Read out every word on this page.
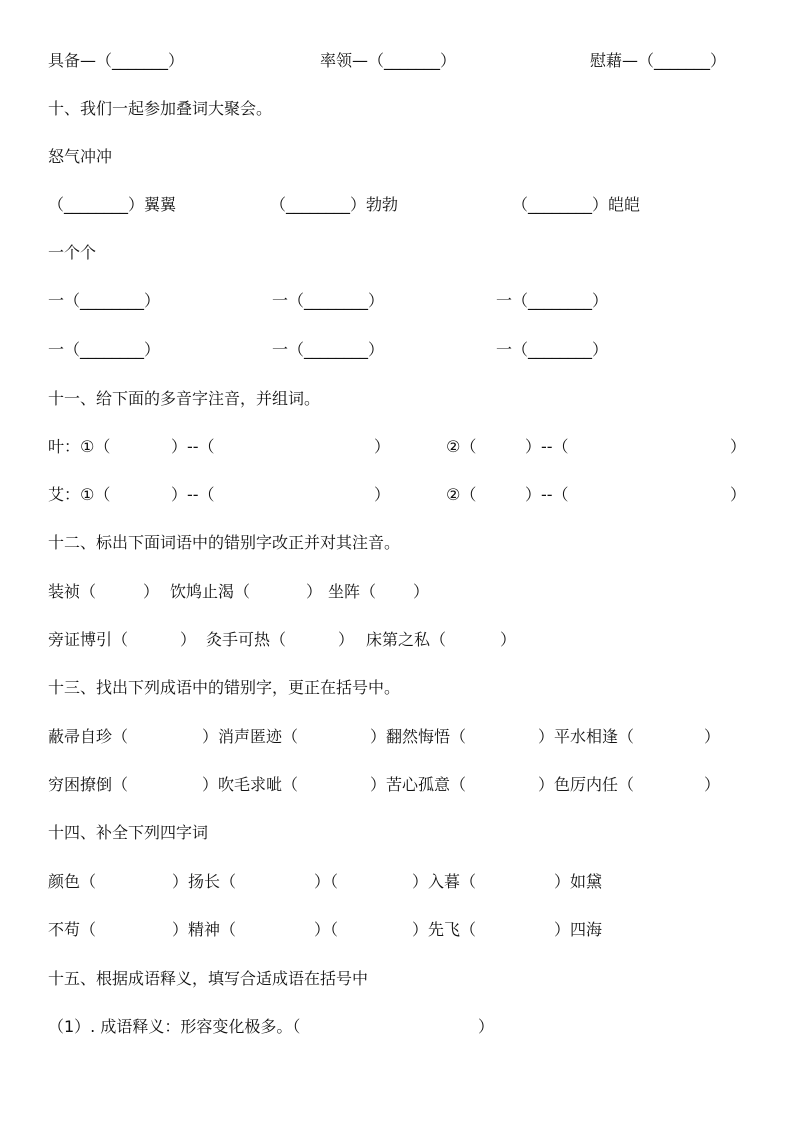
具备—（_______）	率领—（_______）	慰藉—（_______）
十、我们一起参加叠词大聚会。
怒气冲冲
（________）翼翼	（________）勃勃	（________）皑皑
一个个
一（________）	一（________）	一（________）
一（________）	一（________）	一（________）
十一、给下面的多音字注音，并组词。
叶：①（	）--（	）	②（	）--（	）
艾：①（	）--（	）	②（	）--（	）
十二、标出下面词语中的错别字改正并对其注音。
装祯（	） 饮鸠止渴（	） 坐阵（ ）
旁证博引（	） 灸手可热（	） 床第之私（	）
十三、找出下列成语中的错别字，更正在括号中。
蔽帚自珍（	）消声匿迹（	）翻然悔悟（	）平水相逢（	）
穷困撩倒（	）吹毛求呲（	）苦心孤意（	）色厉内任（	）
十四、补全下列四字词
颜色（	）扬长（	）（	）入暮（	）如黛
不苟（	）精神（	）（	）先飞（	）四海
十五、根据成语释义，填写合适成语在括号中
（1）. 成语释义：形容变化极多。（	）
